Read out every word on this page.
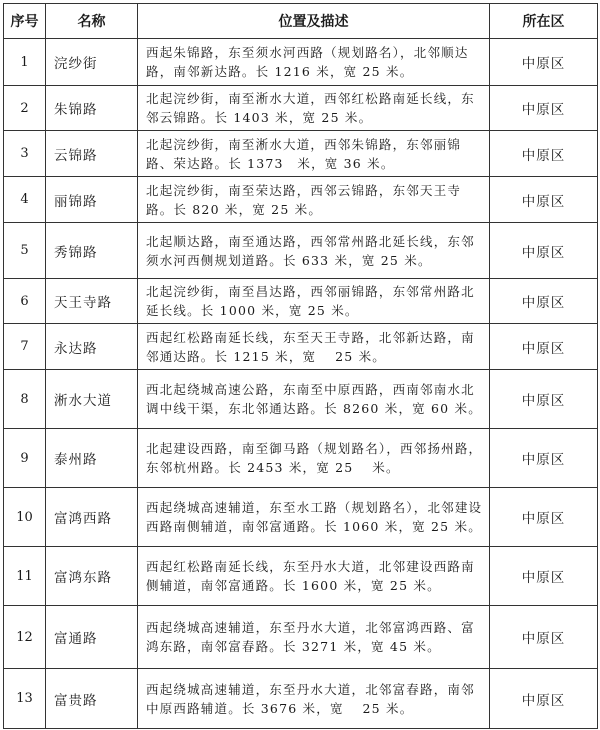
序号	名称	位置及描述	所在区
1	浣纱街	西起朱锦路，东至须水河西路（规划路名），北邻顺达路，南邻新达路。长 1216 米，宽 25 米。	中原区
2	朱锦路	北起浣纱街，南至淅水大道，西邻红松路南延长线，东邻云锦路。长 1403 米，宽 25 米。	中原区
3	云锦路	北起浣纱街，南至淅水大道，西邻朱锦路，东邻丽锦路、荣达路。长 1373　米，宽 36 米。	中原区
4	丽锦路	北起浣纱街，南至荣达路，西邻云锦路，东邻天王寺路。长 820 米，宽 25 米。	中原区
5	秀锦路	北起顺达路，南至通达路，西邻常州路北延长线，东邻须水河西侧规划道路。长 633 米，宽 25 米。	中原区
6	天王寺路	北起浣纱街，南至昌达路，西邻丽锦路，东邻常州路北延长线。长 1000 米，宽 25 米。	中原区
7	永达路	西起红松路南延长线，东至天王寺路，北邻新达路，南邻通达路。长 1215 米，宽　 25 米。	中原区
8	淅水大道	西北起绕城高速公路，东南至中原西路，西南邻南水北调中线干渠，东北邻通达路。长 8260 米，宽 60 米。	中原区
9	泰州路	北起建设西路，南至御马路（规划路名），西邻扬州路，东邻杭州路。长 2453 米，宽 25　 米。	中原区
10	富鸿西路	西起绕城高速辅道，东至水工路（规划路名），北邻建设西路南侧辅道，南邻富通路。长 1060 米，宽 25 米。	中原区
11	富鸿东路	西起红松路南延长线，东至丹水大道，北邻建设西路南侧辅道，南邻富通路。长 1600 米，宽 25 米。	中原区
12	富通路	西起绕城高速辅道，东至丹水大道，北邻富鸿西路、富鸿东路，南邻富春路。长 3271 米，宽 45 米。	中原区
13	富贵路	西起绕城高速辅道，东至丹水大道，北邻富春路，南邻中原西路辅道。长 3676 米，宽　 25 米。	中原区
